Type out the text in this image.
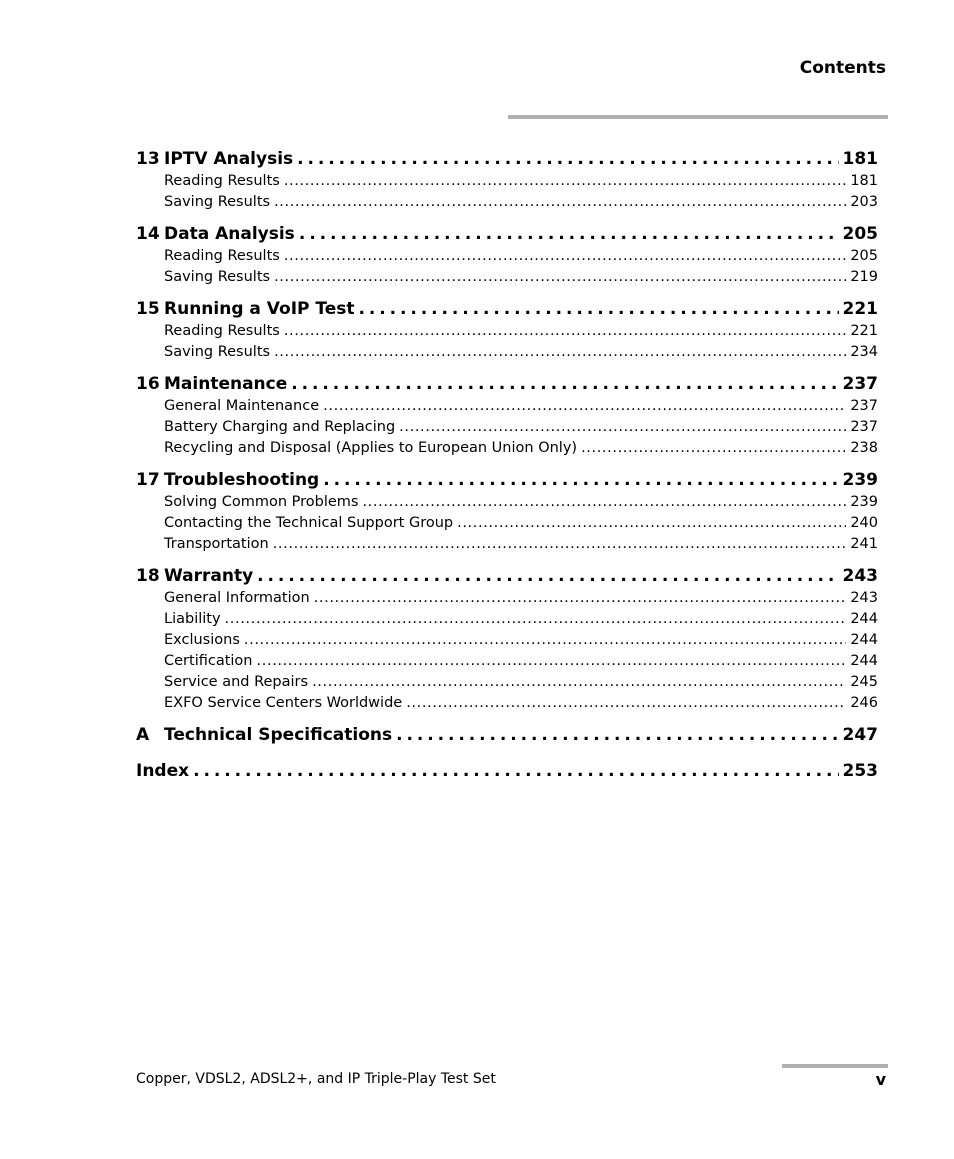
Contents
13 IPTV Analysis . . .	181
Reading Results . . .	181
Saving Results . . .	203
14 Data Analysis . . .	205
Reading Results . . .	205
Saving Results . . .	219
15 Running a VoIP Test . . .	221
Reading Results . . .	221
Saving Results . . .	234
16 Maintenance . . .	237
General Maintenance . . .	237
Battery Charging and Replacing . . .	237
Recycling and Disposal (Applies to European Union Only) . . .	238
17 Troubleshooting . . .	239
Solving Common Problems . . .	239
Contacting the Technical Support Group . . .	240
Transportation . . .	241
18 Warranty . . .	243
General Information . . .	243
Liability . . .	244
Exclusions . . .	244
Certification . . .	244
Service and Repairs . . .	245
EXFO Service Centers Worldwide . . .	246
A Technical Specifications . . .	247
Index . . .	253
Copper, VDSL2, ADSL2+, and IP Triple-Play Test Set	v
